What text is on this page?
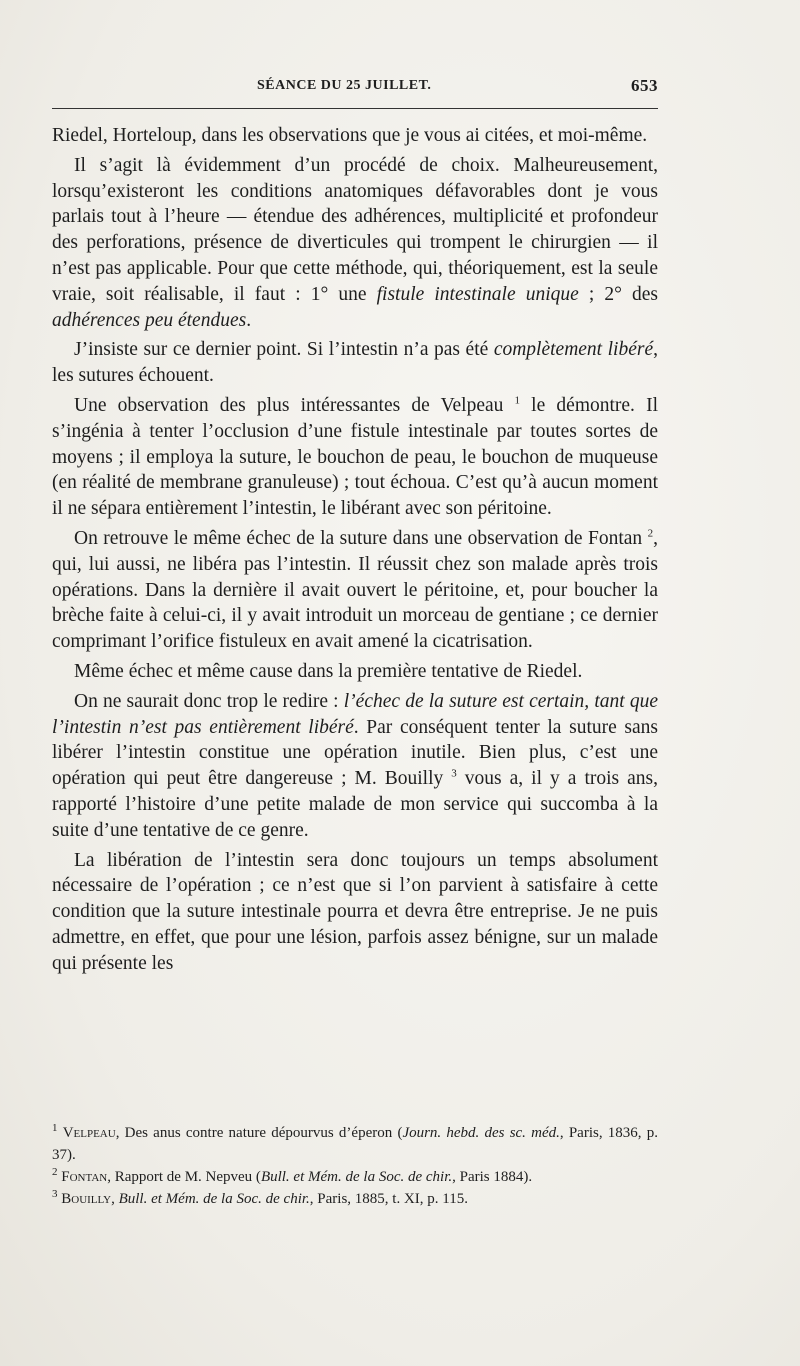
SÉANCE DU 25 JUILLET.	653

Riedel, Horteloup, dans les observations que je vous ai citées, et moi-même.

Il s’agit là évidemment d’un procédé de choix. Malheureusement, lorsqu’existeront les conditions anatomiques défavorables dont je vous parlais tout à l’heure — étendue des adhérences, multiplicité et profondeur des perforations, présence de diverticules qui trompent le chirurgien — il n’est pas applicable. Pour que cette méthode, qui, théoriquement, est la seule vraie, soit réalisable, il faut : 1° une fistule intestinale unique ; 2° des adhérences peu étendues.

J’insiste sur ce dernier point. Si l’intestin n’a pas été complètement libéré, les sutures échouent.

Une observation des plus intéressantes de Velpeau $^1$ le démontre. Il s’ingénia à tenter l’occlusion d’une fistule intestinale par toutes sortes de moyens ; il employa la suture, le bouchon de peau, le bouchon de muqueuse (en réalité de membrane granuleuse) ; tout échoua. C’est qu’à aucun moment il ne sépara entièrement l’intestin, le libérant avec son péritoine.

On retrouve le même échec de la suture dans une observation de Fontan $^2$, qui, lui aussi, ne libéra pas l’intestin. Il réussit chez son malade après trois opérations. Dans la dernière il avait ouvert le péritoine, et, pour boucher la brèche faite à celui-ci, il y avait introduit un morceau de gentiane ; ce dernier comprimant l’orifice fistuleux en avait amené la cicatrisation.

Même échec et même cause dans la première tentative de Riedel.

On ne saurait donc trop le redire : l’échec de la suture est certain, tant que l’intestin n’est pas entièrement libéré. Par conséquent tenter la suture sans libérer l’intestin constitue une opération inutile. Bien plus, c’est une opération qui peut être dangereuse ; M. Bouilly $^3$ vous a, il y a trois ans, rapporté l’histoire d’une petite malade de mon service qui succomba à la suite d’une tentative de ce genre.

La libération de l’intestin sera donc toujours un temps absolument nécessaire de l’opération ; ce n’est que si l’on parvient à satisfaire à cette condition que la suture intestinale pourra et devra être entreprise. Je ne puis admettre, en effet, que pour une lésion, parfois assez bénigne, sur un malade qui présente les

$^1$ Velpeau, Des anus contre nature dépourvus d’éperon (Journ. hebd. des sc. méd., Paris, 1836, p. 37).

$^2$ Fontan, Rapport de M. Nepveu (Bull. et Mém. de la Soc. de chir., Paris 1884).

$^3$ Bouilly, Bull. et Mém. de la Soc. de chir., Paris, 1885, t. XI, p. 115.
